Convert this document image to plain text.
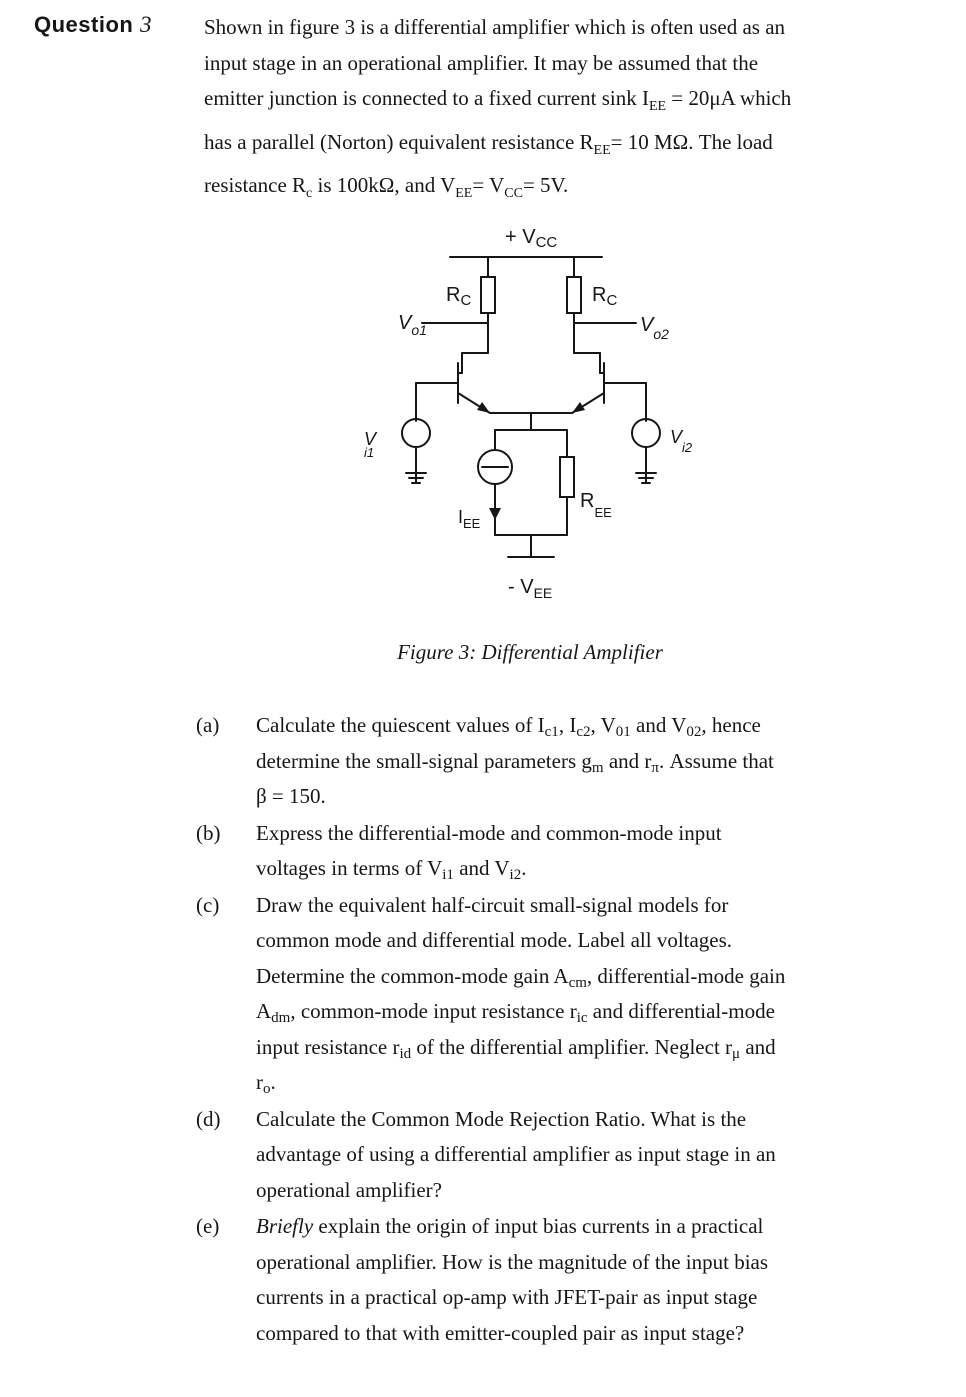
Question 3 Shown in figure 3 is a differential amplifier which is often used as an

input stage in an operational amplifier. It may be assumed that the

emitter junction is connected to a fixed current sink $I_{EE} = 20\mu A$ which

has a parallel (Norton) equivalent resistance $R_{EE}= 10$ MΩ. The load

resistance $R_c$ is 100kΩ, and $V_{EE}= V_{CC}= 5V$.

+ $V_{CC}$
$R_C$	$R_C$
$V_{o1}$	$V_{o2}$
V i1
$V_{i2}$
$I_{EE}$
$R_{EE}$
- $V_{EE}$
Figure 3: Differential Amplifier
(a)	Calculate the quiescent values of $I_{c1}$, $I_{c2}$, $V_{01}$ and $V_{02}$, hence

determine the small-signal parameters $g_m$ and $r_\pi$. Assume that

β = 150.

(b)	Express the differential-mode and common-mode input

voltages in terms of $V_{i1}$ and $V_{i2}$.

(c)	Draw the equivalent half-circuit small-signal models for

common mode and differential mode. Label all voltages.

Determine the common-mode gain $A_{cm}$, differential-mode gain

$A_{dm}$, common-mode input resistance $r_{ic}$ and differential-mode

input resistance $r_{id}$ of the differential amplifier. Neglect $r_\mu$ and

$r_o$.

(d)	Calculate the Common Mode Rejection Ratio. What is the

advantage of using a differential amplifier as input stage in an

operational amplifier?

(e)	Briefly explain the origin of input bias currents in a practical

operational amplifier. How is the magnitude of the input bias

currents in a practical op-amp with JFET-pair as input stage

compared to that with emitter-coupled pair as input stage?
